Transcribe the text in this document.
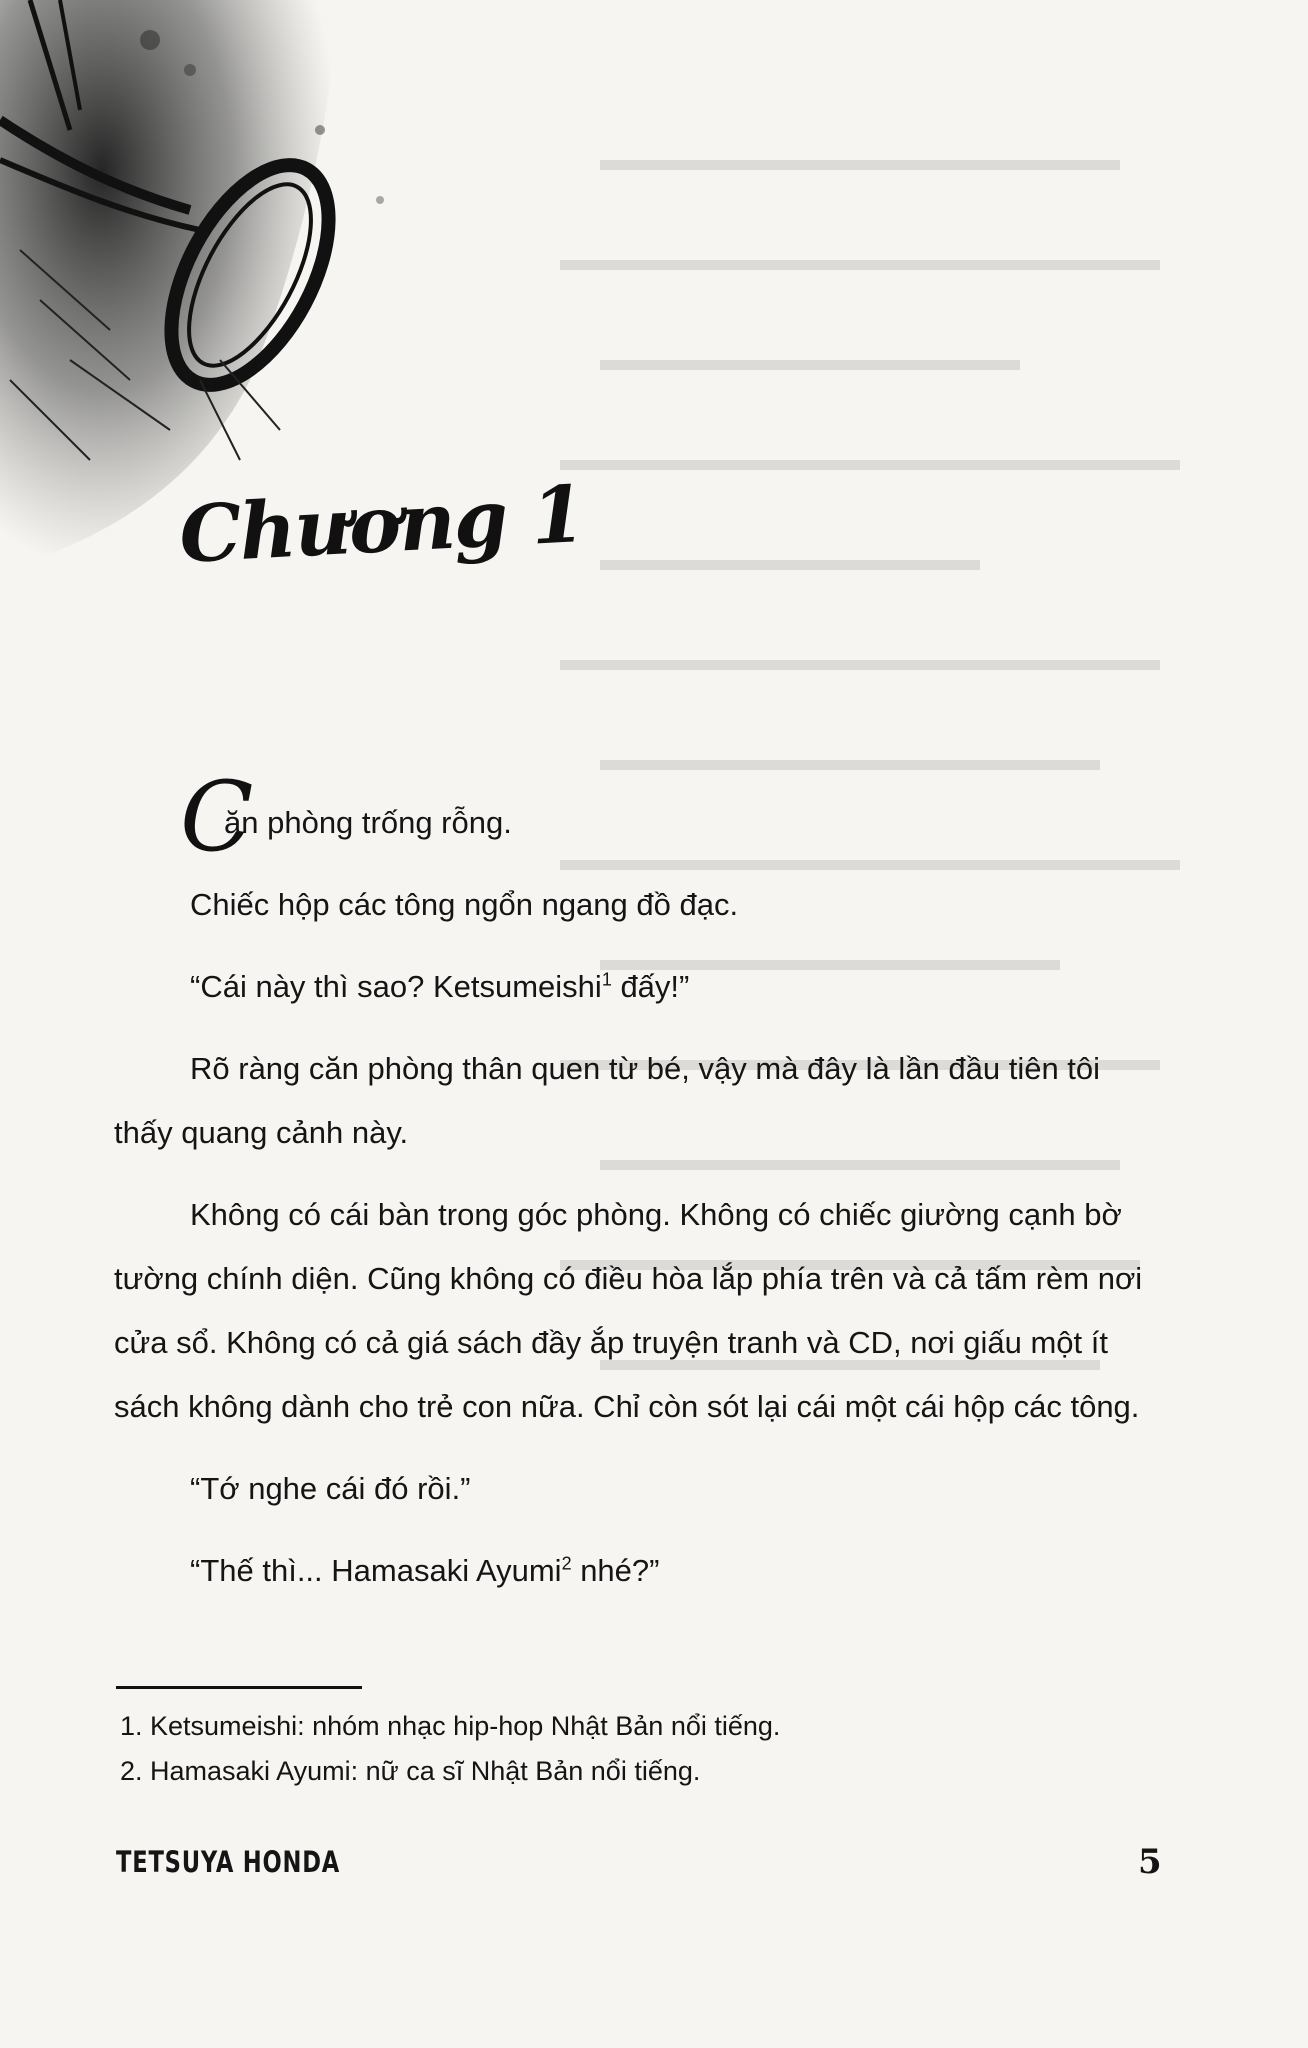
Chương 1

C
ăn phòng trống rỗng.

Chiếc hộp các tông ngổn ngang đồ đạc.

“Cái này thì sao? Ketsumeishi$^1$ đấy!”

Rõ ràng căn phòng thân quen từ bé, vậy mà đây là lần đầu tiên tôi thấy quang cảnh này.

Không có cái bàn trong góc phòng. Không có chiếc giường cạnh bờ tường chính diện. Cũng không có điều hòa lắp phía trên và cả tấm rèm nơi cửa sổ. Không có cả giá sách đầy ắp truyện tranh và CD, nơi giấu một ít sách không dành cho trẻ con nữa. Chỉ còn sót lại cái một cái hộp các tông.

“Tớ nghe cái đó rồi.”

“Thế thì... Hamasaki Ayumi$^2$ nhé?”

1. Ketsumeishi: nhóm nhạc hip-hop Nhật Bản nổi tiếng.

2. Hamasaki Ayumi: nữ ca sĩ Nhật Bản nổi tiếng.

TETSUYA HONDA	5
